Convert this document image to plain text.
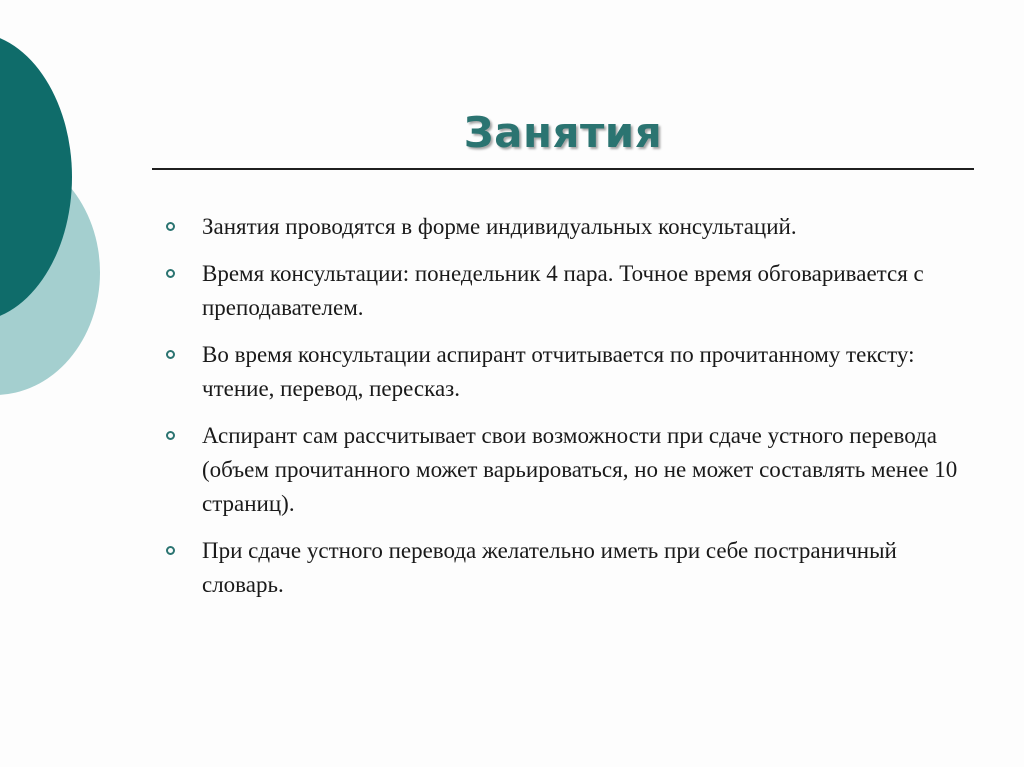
Занятия
Занятия проводятся в форме индивидуальных консультаций.
Время консультации: понедельник 4 пара. Точное время обговаривается с преподавателем.
Во время консультации аспирант отчитывается по прочитанному тексту: чтение, перевод, пересказ.
Аспирант сам рассчитывает свои возможности при сдаче устного перевода (объем прочитанного может варьироваться, но не может составлять менее 10 страниц).
При сдаче устного перевода желательно иметь при себе постраничный словарь.
